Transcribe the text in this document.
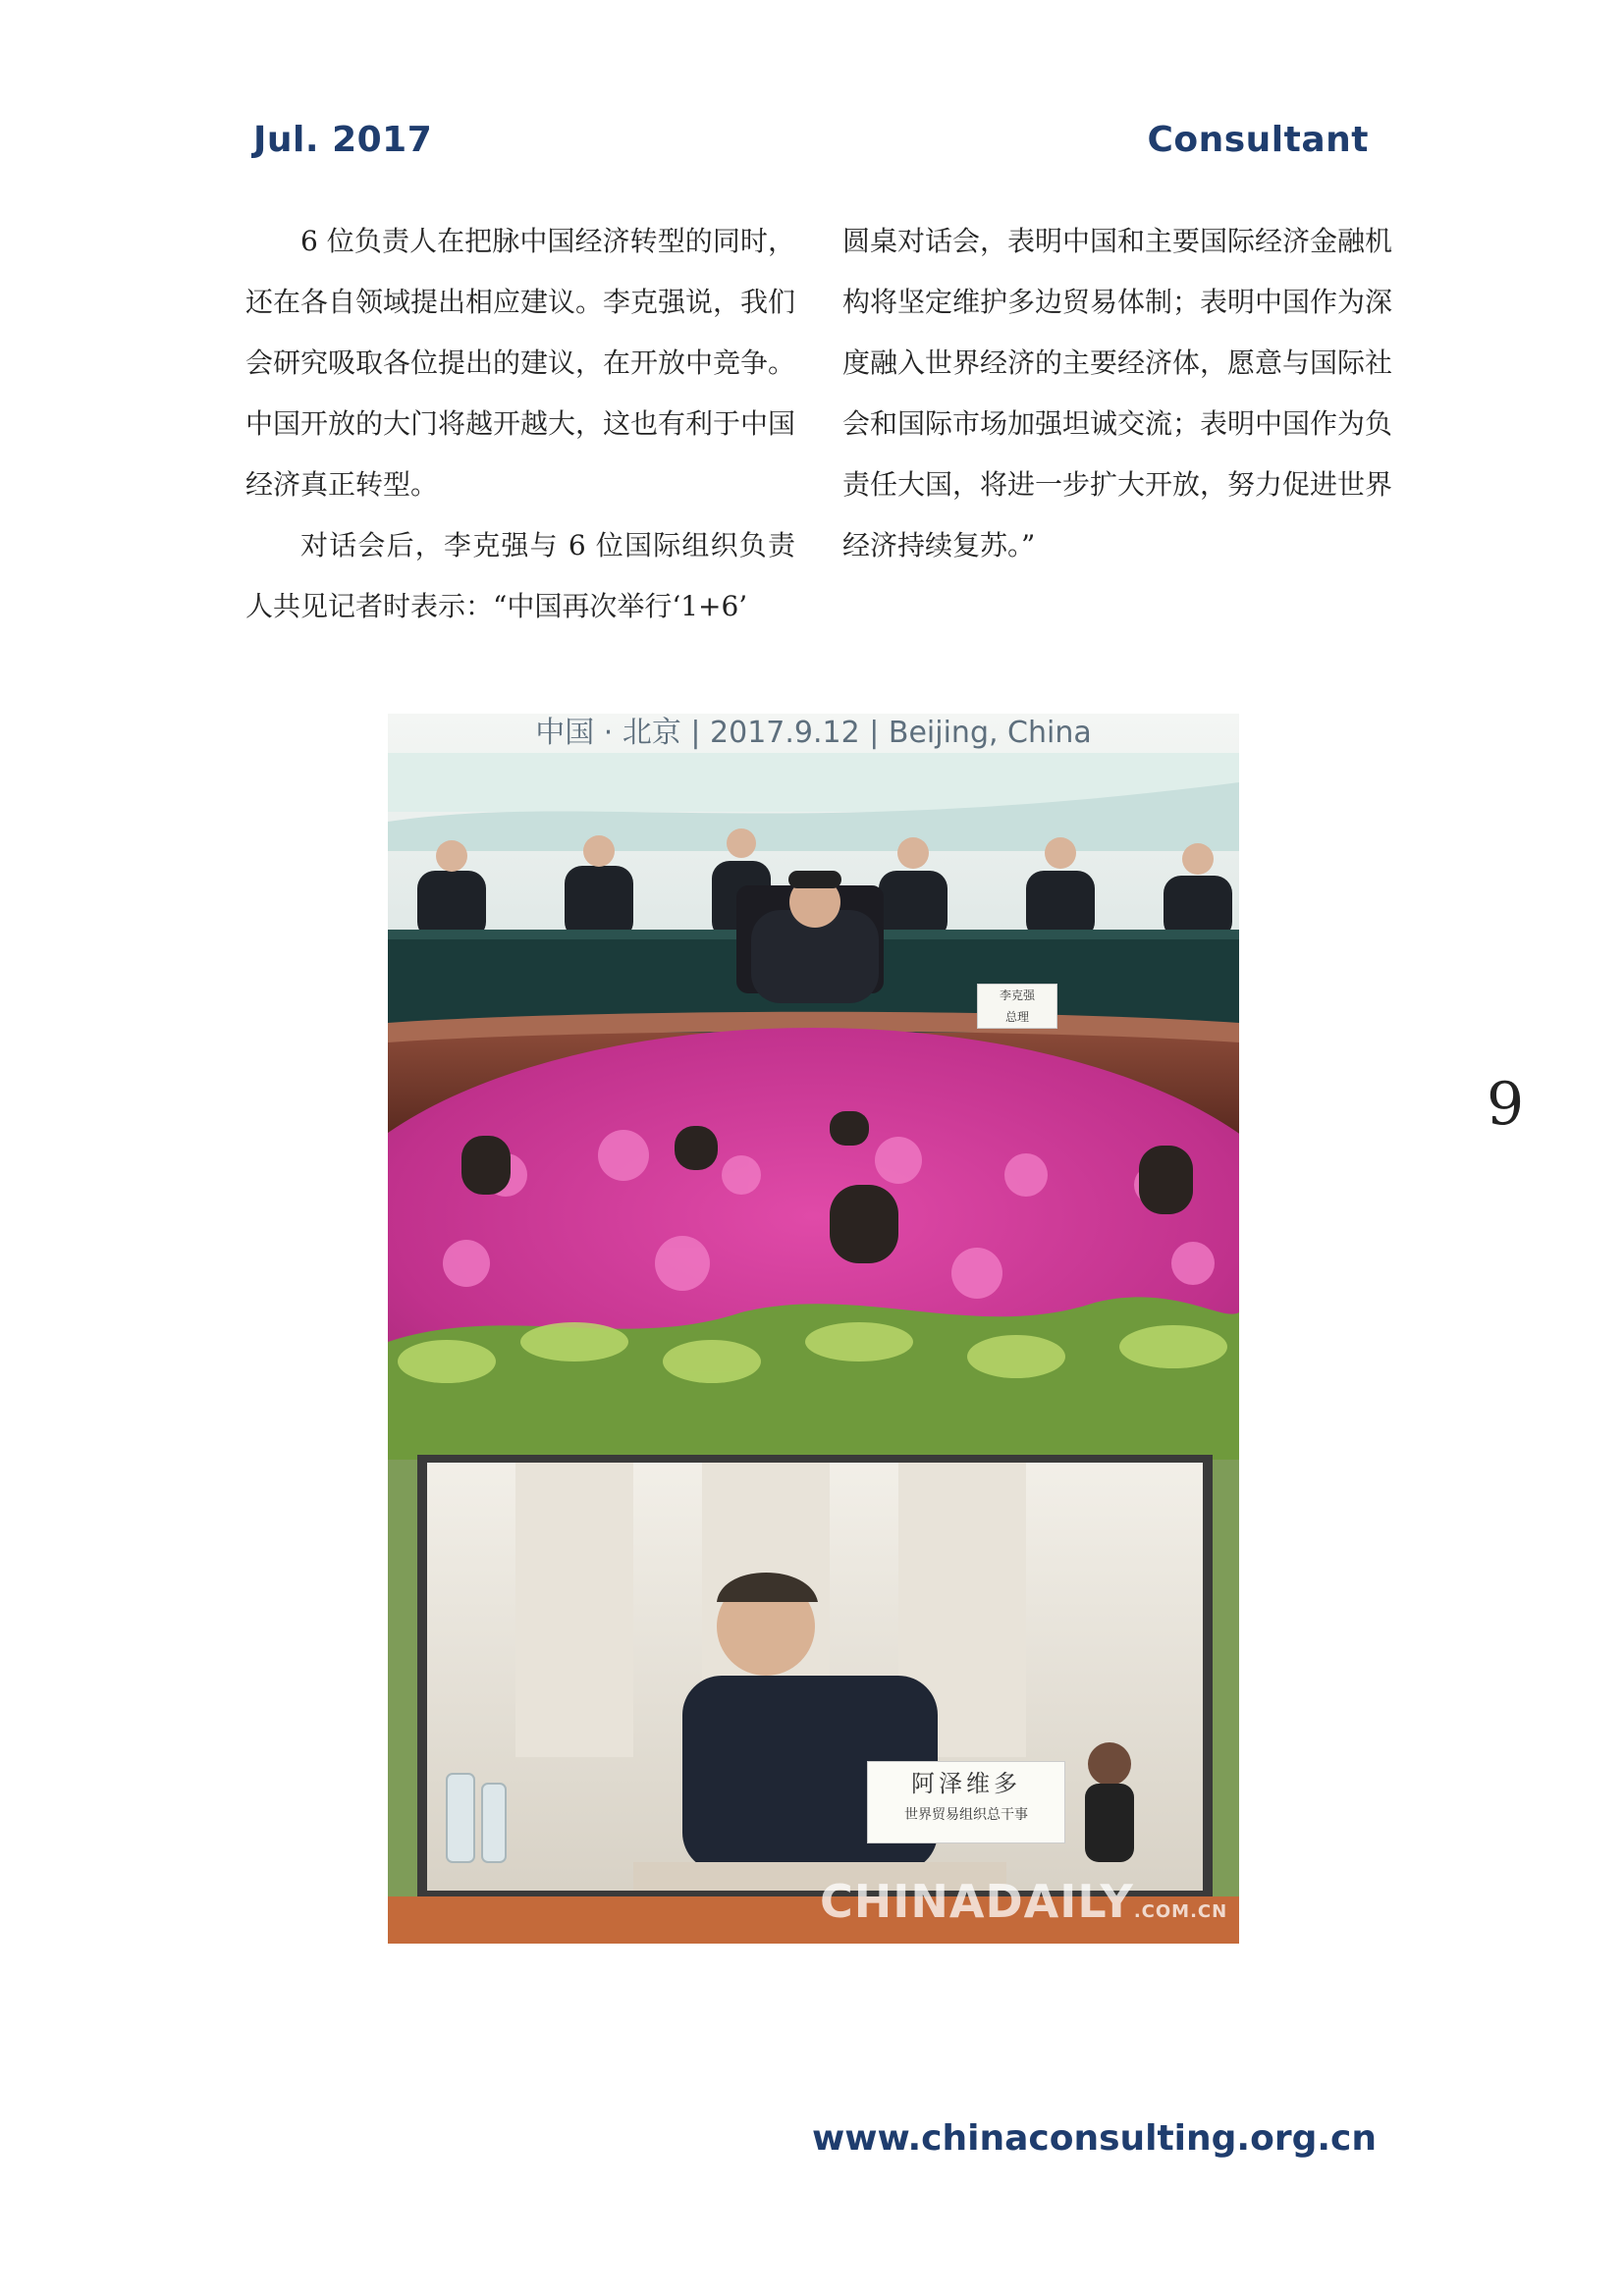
Jul. 2017	Consultant

6 位负责人在把脉中国经济转型的同时，还在各自领域提出相应建议。李克强说，我们会研究吸取各位提出的建议，在开放中竞争。中国开放的大门将越开越大，这也有利于中国经济真正转型。

对话会后，李克强与 6 位国际组织负责人共见记者时表示：“中国再次举行‘1+6’

圆桌对话会，表明中国和主要国际经济金融机构将坚定维护多边贸易体制；表明中国作为深度融入世界经济的主要经济体，愿意与国际社会和国际市场加强坦诚交流；表明中国作为负责任大国，将进一步扩大开放，努力促进世界经济持续复苏。”

中国 · 北京 | 2017.9.12 | Beijing, China
李克强
总理
阿泽维多
世界贸易组织总干事
CHINADAILY.COM.CN
9
www.chinaconsulting.org.cn
